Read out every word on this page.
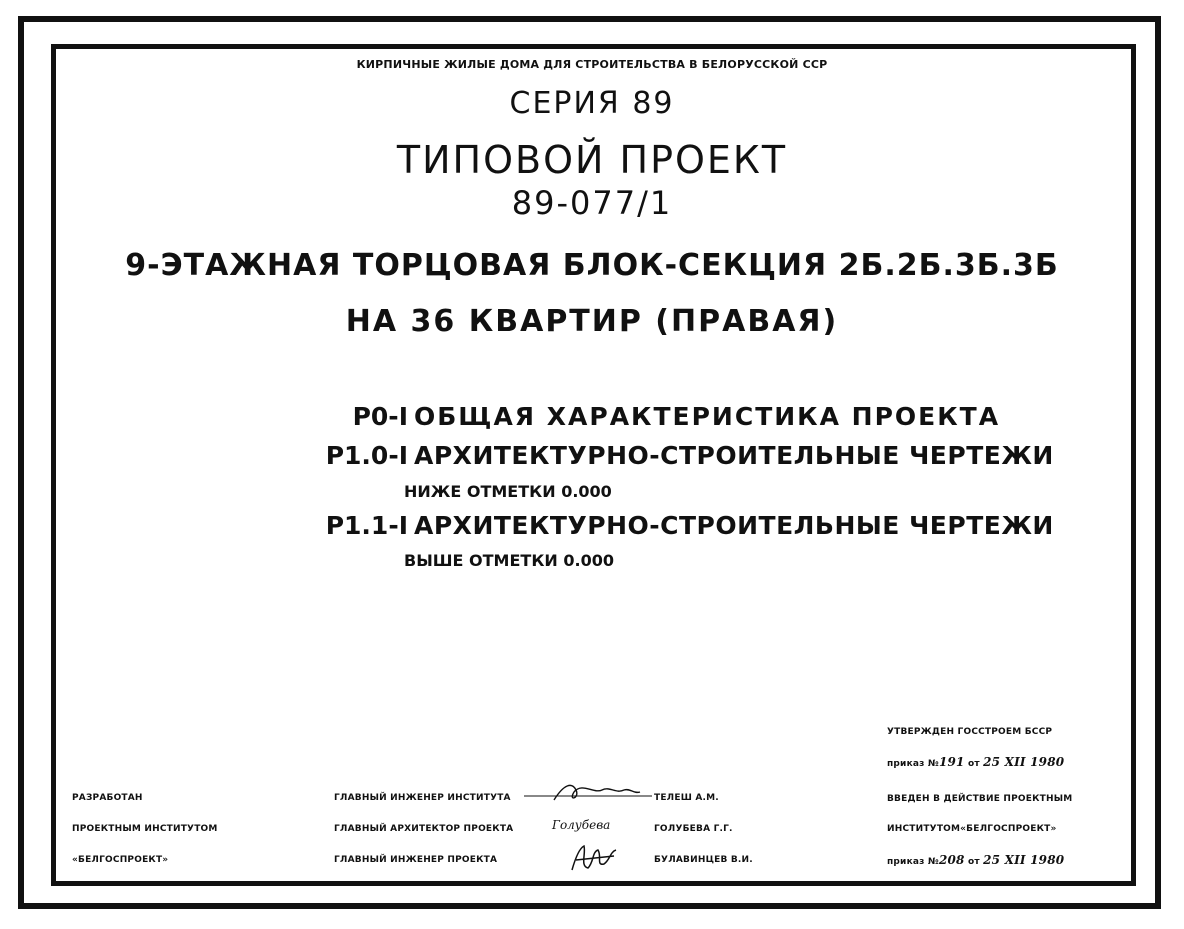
КИРПИЧНЫЕ ЖИЛЫЕ ДОМА ДЛЯ СТРОИТЕЛЬСТВА В БЕЛОРУССКОЙ ССР
СЕРИЯ 89
ТИПОВОЙ ПРОЕКТ
89-077/1
9-ЭТАЖНАЯ ТОРЦОВАЯ БЛОК-СЕКЦИЯ 2Б.2Б.3Б.3Б
НА 36 КВАРТИР (ПРАВАЯ)
Р0-I ОБЩАЯ ХАРАКТЕРИСТИКА ПРОЕКТА
Р1.0-I АРХИТЕКТУРНО-СТРОИТЕЛЬНЫЕ ЧЕРТЕЖИ
НИЖЕ ОТМЕТКИ 0.000
Р1.1-I АРХИТЕКТУРНО-СТРОИТЕЛЬНЫЕ ЧЕРТЕЖИ
ВЫШЕ ОТМЕТКИ 0.000
РАЗРАБОТАН
ПРОЕКТНЫМ ИНСТИТУТОМ
«БЕЛГОСПРОЕКТ»
ГЛАВНЫЙ ИНЖЕНЕР ИНСТИТУТА	ТЕЛЕШ А.М.
ГЛАВНЫЙ АРХИТЕКТОР ПРОЕКТА	ГОЛУБЕВА Г.Г.
ГЛАВНЫЙ ИНЖЕНЕР ПРОЕКТА	БУЛАВИНЦЕВ В.И.
Голубева
УТВЕРЖДЕН ГОССТРОЕМ БССР
приказ №191 от 25 XII 1980
ВВЕДЕН В ДЕЙСТВИЕ ПРОЕКТНЫМ
ИНСТИТУТОМ«БЕЛГОСПРОЕКТ»
приказ №208 от 25 XII 1980
